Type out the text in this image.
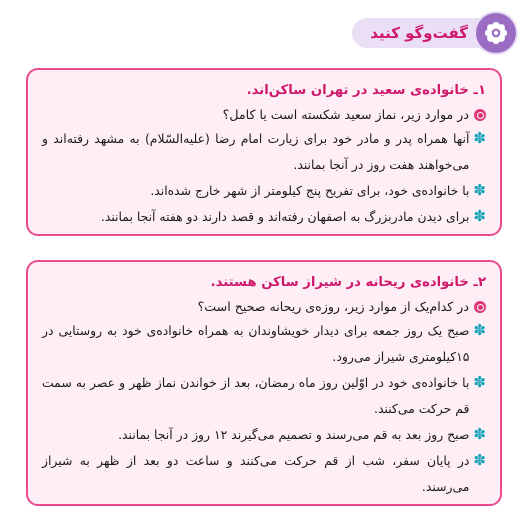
گفت‌وگو کنید
۱ـ خانواده‌ی سعید در تهران ساکن‌اند.
در موارد زیر، نماز سعید شکسته است یا کامل؟
✽
آنها همراه پدر و مادر خود برای زیارت امام رضا (علیه‌السّلام) به مشهد رفته‌اند و می‌خواهند هفت روز در آنجا بمانند.
✽
با خانواده‌ی خود، برای تفریح پنج کیلومتر از شهر خارج شده‌اند.
✽
برای دیدن مادربزرگ به اصفهان رفته‌اند و قصد دارند دو هفته آنجا بمانند.
۲ـ خانواده‌ی ریحانه در شیراز ساکن هستند.
در کدام‌یک از موارد زیر، روزه‌ی ریحانه صحیح است؟
✽
صبح یک روز جمعه برای دیدار خویشاوندان به همراه خانواده‌ی خود به روستایی در ۱۵کیلومتری شیراز می‌رود.
✽
با خانواده‌ی خود در اوّلین روز ماه رمضان، بعد از خواندن نماز ظهر و عصر به سمت قم حرکت می‌کنند.
✽
صبح روز بعد به قم می‌رسند و تصمیم می‌گیرند ۱۲ روز در آنجا بمانند.
✽
در پایان سفر، شب از قم حرکت می‌کنند و ساعت دو بعد از ظهر به شیراز می‌رسند.
